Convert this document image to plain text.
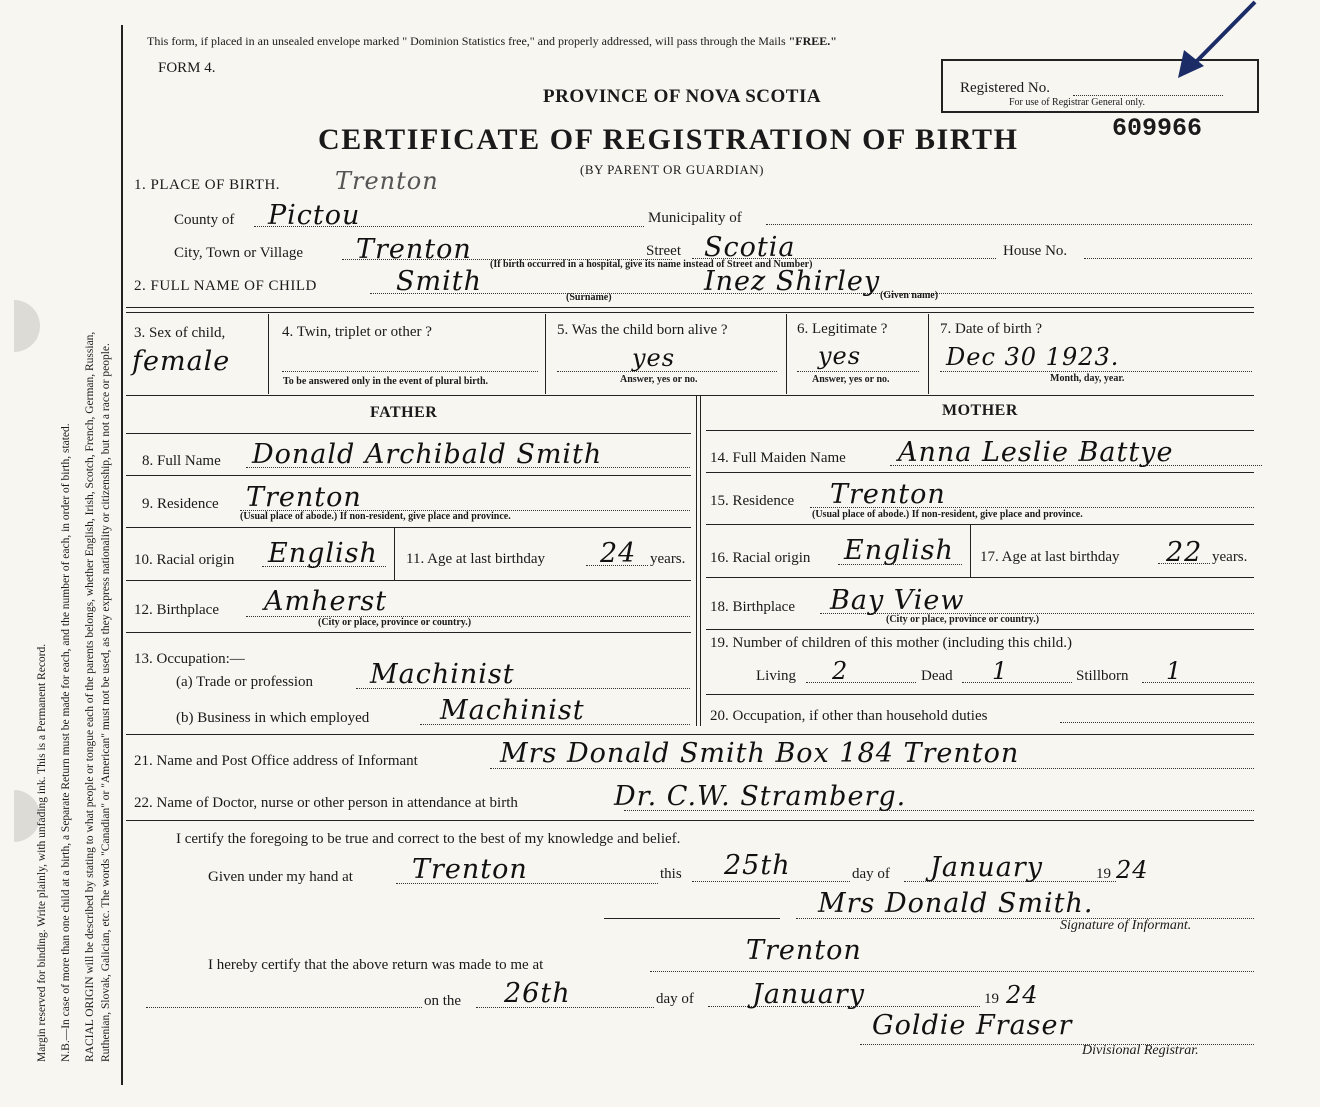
Margin reserved for binding. Write plainly, with unfading ink. This is a Permanent Record. N.B.—In case of more than one child at a birth, a Separate Return must be made for each, and the number of each, in order of birth, stated. RACIAL ORIGIN will be described by stating to what people or tongue each of the parents belongs, whether English, Irish, Scotch, French, German, Russian, Ruthenian, Slovak, Galician, etc. The words "Canadian" or "American" must not be used, as they express nationality or citizenship, but not a race or people.
This form, if placed in an unsealed envelope marked " Dominion Statistics free," and properly addressed, will pass through the Mails "FREE."
FORM 4.
PROVINCE OF NOVA SCOTIA
CERTIFICATE OF REGISTRATION OF BIRTH
(BY PARENT OR GUARDIAN)
Registered No.
For use of Registrar General only.
609966
1. PLACE OF BIRTH. Trenton
County of Pictou	Municipality of
City, Town or Village Trenton	Street Scotia	House No.
(If birth occurred in a hospital, give its name instead of Street and Number)
2. FULL NAME OF CHILD	Smith	Inez Shirley
(Surname)	(Given name)
3. Sex of child,
female
4. Twin, triplet or other ?
To be answered only in the event of plural birth.
5. Was the child born alive ?
yes
Answer, yes or no.
6. Legitimate ?
yes
Answer, yes or no.
7. Date of birth ?
Dec 30 1923.
Month, day, year.
FATHER	MOTHER
8. Full Name Donald Archibald Smith	14. Full Maiden Name Anna Leslie Battye
9. Residence Trenton
(Usual place of abode.) If non-resident, give place and province.
15. Residence Trenton
(Usual place of abode.) If non-resident, give place and province.
10. Racial origin English 11. Age at last birthday 24 years. 16. Racial origin English 17. Age at last birthday 22 years.
12. Birthplace Amherst
(City or place, province or country.)
18. Birthplace Bay View
(City or place, province or country.)
13. Occupation:—
(a) Trade or profession Machinist
(b) Business in which employed	Machinist
19. Number of children of this mother (including this child.)
Living 2	Dead 1	Stillborn 1
20. Occupation, if other than household duties
21. Name and Post Office address of Informant	Mrs Donald Smith Box 184 Trenton
22. Name of Doctor, nurse or other person in attendance at birth	Dr. C.W. Stramberg.
I certify the foregoing to be true and correct to the best of my knowledge and belief.
Given under my hand at Trenton	this 25th	day of January	19 24
Mrs Donald Smith.
Signature of Informant.
I hereby certify that the above return was made to me at	Trenton
on the 26th	day of January	19 24
Goldie Fraser
Divisional Registrar.
